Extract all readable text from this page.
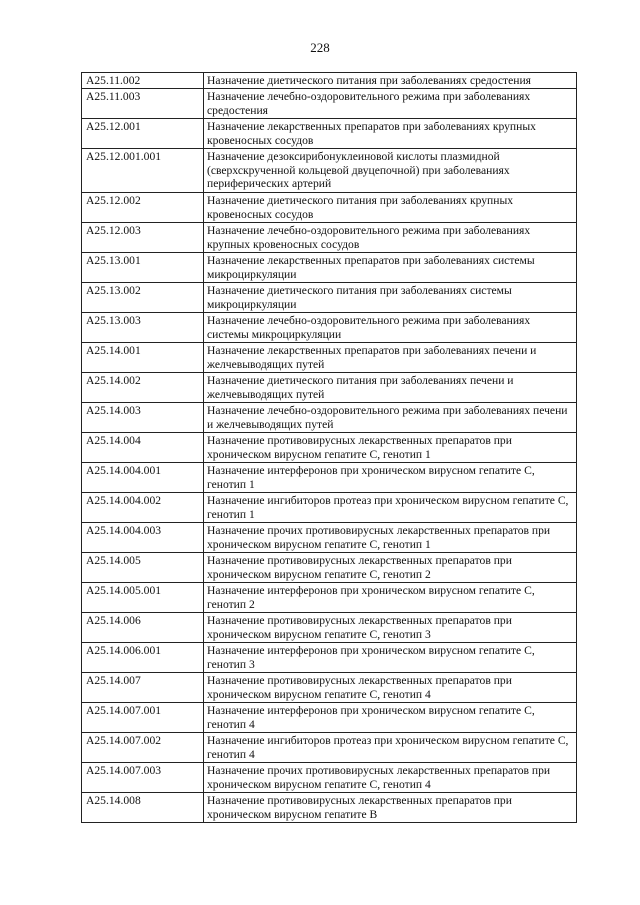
228
A25.11.002	Назначение диетического питания при заболеваниях средостения
A25.11.003	Назначение лечебно-оздоровительного режима при заболеваниях средостения
A25.12.001	Назначение лекарственных препаратов при заболеваниях крупных кровеносных сосудов
A25.12.001.001	Назначение дезоксирибонуклеиновой кислоты плазмидной (сверхскрученной кольцевой двуцепочной) при заболеваниях периферических артерий
A25.12.002	Назначение диетического питания при заболеваниях крупных кровеносных сосудов
A25.12.003	Назначение лечебно-оздоровительного режима при заболеваниях крупных кровеносных сосудов
A25.13.001	Назначение лекарственных препаратов при заболеваниях системы микроциркуляции
A25.13.002	Назначение диетического питания при заболеваниях системы микроциркуляции
A25.13.003	Назначение лечебно-оздоровительного режима при заболеваниях системы микроциркуляции
A25.14.001	Назначение лекарственных препаратов при заболеваниях печени и желчевыводящих путей
A25.14.002	Назначение диетического питания при заболеваниях печени и желчевыводящих путей
A25.14.003	Назначение лечебно-оздоровительного режима при заболеваниях печени и желчевыводящих путей
A25.14.004	Назначение противовирусных лекарственных препаратов при хроническом вирусном гепатите С, генотип 1
A25.14.004.001	Назначение интерферонов при хроническом вирусном гепатите С, генотип 1
A25.14.004.002	Назначение ингибиторов протеаз при хроническом вирусном гепатите С, генотип 1
A25.14.004.003	Назначение прочих противовирусных лекарственных препаратов при хроническом вирусном гепатите С, генотип 1
A25.14.005	Назначение противовирусных лекарственных препаратов при хроническом вирусном гепатите С, генотип 2
A25.14.005.001	Назначение интерферонов при хроническом вирусном гепатите С, генотип 2
A25.14.006	Назначение противовирусных лекарственных препаратов при хроническом вирусном гепатите С, генотип 3
A25.14.006.001	Назначение интерферонов при хроническом вирусном гепатите С, генотип 3
A25.14.007	Назначение противовирусных лекарственных препаратов при хроническом вирусном гепатите С, генотип 4
A25.14.007.001	Назначение интерферонов при хроническом вирусном гепатите С, генотип 4
A25.14.007.002	Назначение ингибиторов протеаз при хроническом вирусном гепатите С, генотип 4
A25.14.007.003	Назначение прочих противовирусных лекарственных препаратов при хроническом вирусном гепатите С, генотип 4
A25.14.008	Назначение противовирусных лекарственных препаратов при хроническом вирусном гепатите В
